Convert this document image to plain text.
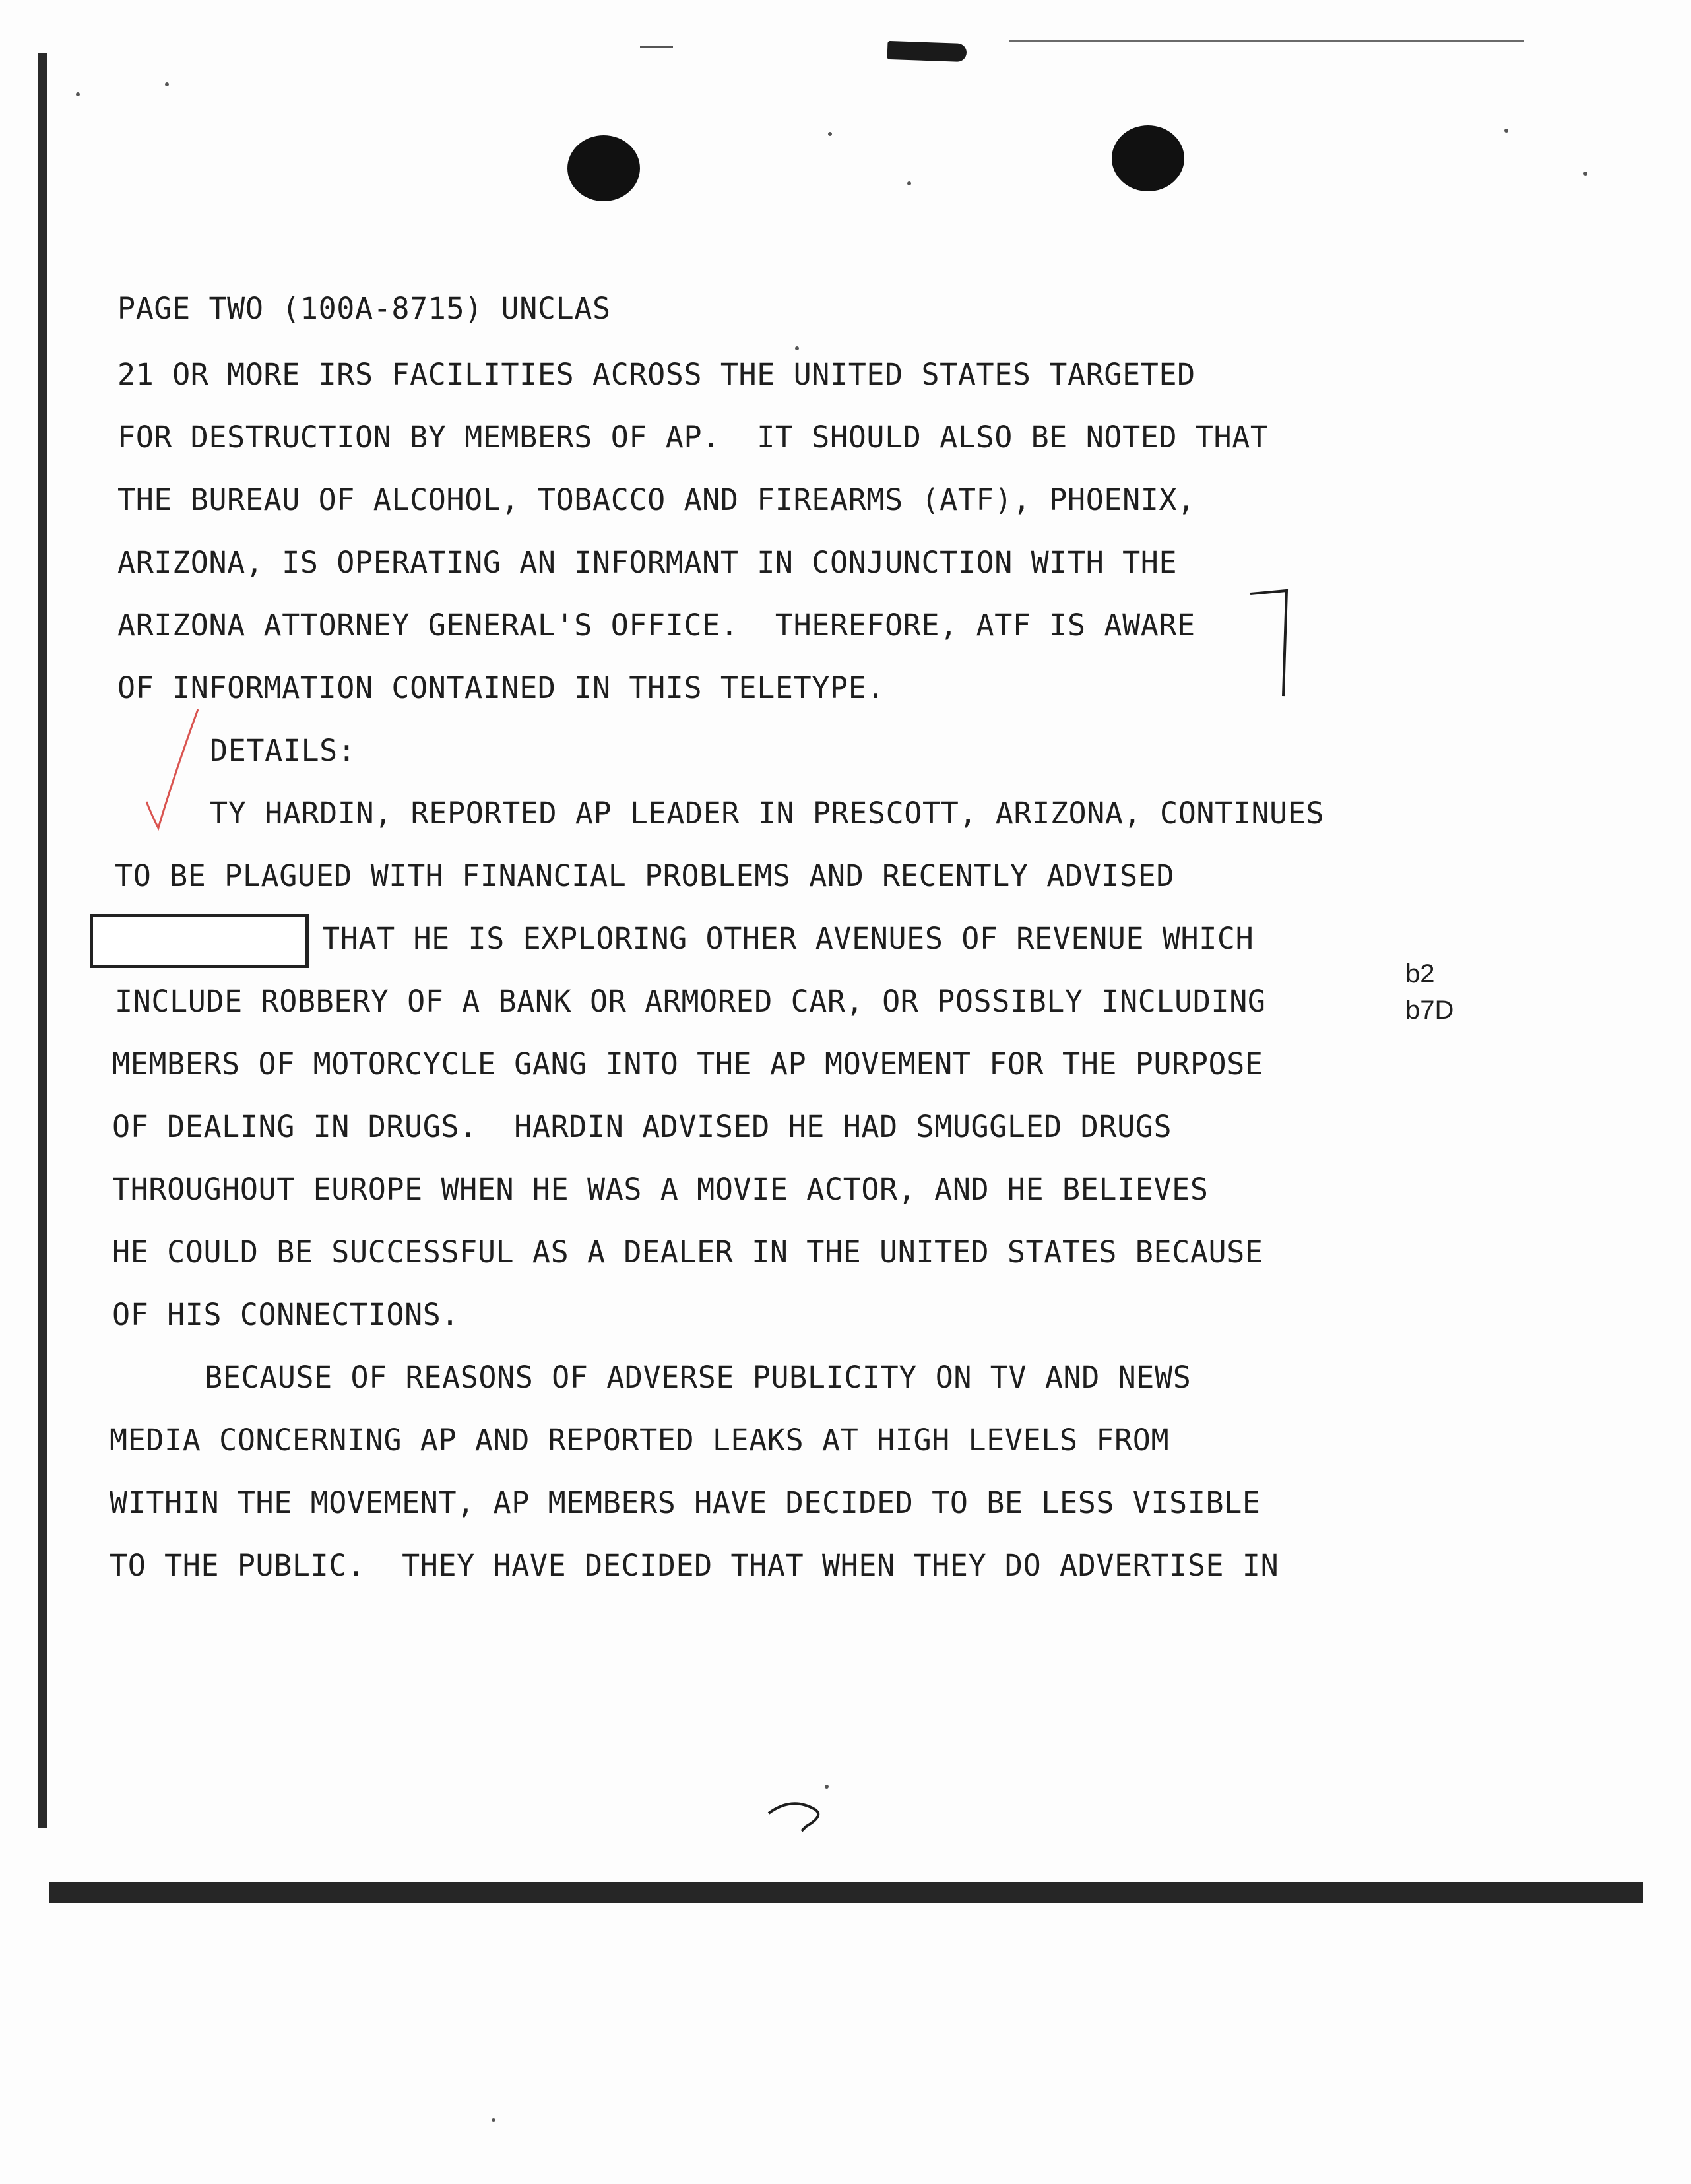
PAGE TWO (100A-8715) UNCLAS

21 OR MORE IRS FACILITIES ACROSS THE UNITED STATES TARGETED

FOR DESTRUCTION BY MEMBERS OF AP.  IT SHOULD ALSO BE NOTED THAT

THE BUREAU OF ALCOHOL, TOBACCO AND FIREARMS (ATF), PHOENIX,

ARIZONA, IS OPERATING AN INFORMANT IN CONJUNCTION WITH THE

ARIZONA ATTORNEY GENERAL'S OFFICE.  THEREFORE, ATF IS AWARE

OF INFORMATION CONTAINED IN THIS TELETYPE.

DETAILS:

TY HARDIN, REPORTED AP LEADER IN PRESCOTT, ARIZONA, CONTINUES

TO BE PLAGUED WITH FINANCIAL PROBLEMS AND RECENTLY ADVISED

THAT HE IS EXPLORING OTHER AVENUES OF REVENUE WHICH

INCLUDE ROBBERY OF A BANK OR ARMORED CAR, OR POSSIBLY INCLUDING

MEMBERS OF MOTORCYCLE GANG INTO THE AP MOVEMENT FOR THE PURPOSE

OF DEALING IN DRUGS.  HARDIN ADVISED HE HAD SMUGGLED DRUGS

THROUGHOUT EUROPE WHEN HE WAS A MOVIE ACTOR, AND HE BELIEVES

HE COULD BE SUCCESSFUL AS A DEALER IN THE UNITED STATES BECAUSE

OF HIS CONNECTIONS.

BECAUSE OF REASONS OF ADVERSE PUBLICITY ON TV AND NEWS

MEDIA CONCERNING AP AND REPORTED LEAKS AT HIGH LEVELS FROM

WITHIN THE MOVEMENT, AP MEMBERS HAVE DECIDED TO BE LESS VISIBLE

TO THE PUBLIC.  THEY HAVE DECIDED THAT WHEN THEY DO ADVERTISE IN

b2
b7D
